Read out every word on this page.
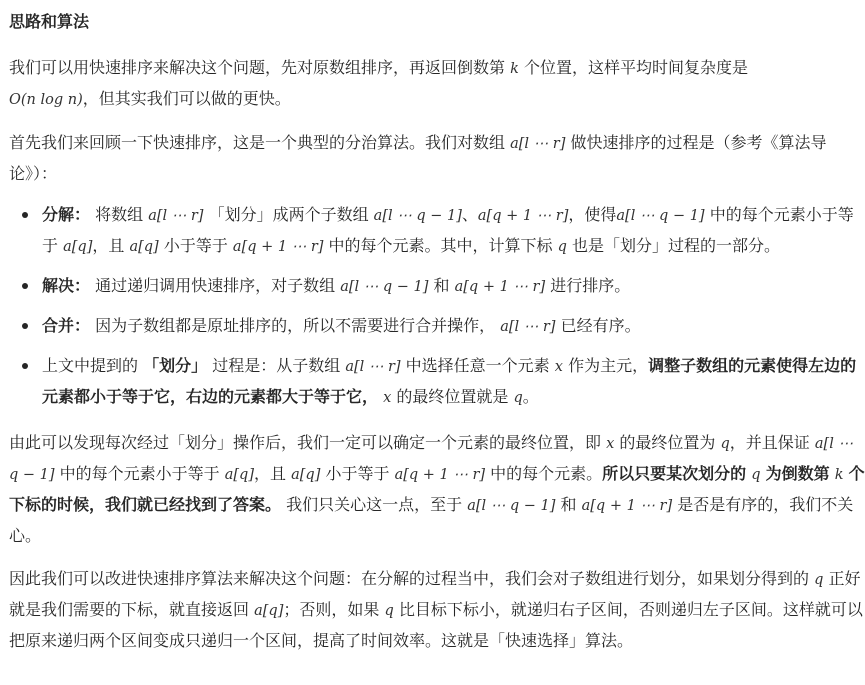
思路和算法

我们可以用快速排序来解决这个问题，先对原数组排序，再返回倒数第 k 个位置，这样平均时间复杂度是
O(n log n)，但其实我们可以做的更快。

首先我们来回顾一下快速排序，这是一个典型的分治算法。我们对数组 a[l ⋯ r] 做快速排序的过程是（参考《算法导论》）：

分解： 将数组 a[l ⋯ r] 「划分」成两个子数组 a[l ⋯ q − 1]、a[q + 1 ⋯ r]，使得a[l ⋯ q − 1] 中的每个元素小于等于 a[q]，且 a[q] 小于等于 a[q + 1 ⋯ r] 中的每个元素。其中，计算下标 q 也是「划分」过程的一部分。
解决： 通过递归调用快速排序，对子数组 a[l ⋯ q − 1] 和 a[q + 1 ⋯ r] 进行排序。
合并： 因为子数组都是原址排序的，所以不需要进行合并操作， a[l ⋯ r] 已经有序。
上文中提到的 「划分」 过程是：从子数组 a[l ⋯ r] 中选择任意一个元素 x 作为主元，调整子数组的元素使得左边的元素都小于等于它，右边的元素都大于等于它， x 的最终位置就是 q。

由此可以发现每次经过「划分」操作后，我们一定可以确定一个元素的最终位置，即 x 的最终位置为 q，并且保证 a[l ⋯ q − 1] 中的每个元素小于等于 a[q]，且 a[q] 小于等于 a[q + 1 ⋯ r] 中的每个元素。所以只要某次划分的 q 为倒数第 k 个下标的时候，我们就已经找到了答案。 我们只关心这一点，至于 a[l ⋯ q − 1] 和 a[q + 1 ⋯ r] 是否是有序的，我们不关心。

因此我们可以改进快速排序算法来解决这个问题：在分解的过程当中，我们会对子数组进行划分，如果划分得到的 q 正好就是我们需要的下标，就直接返回 a[q]；否则，如果 q 比目标下标小，就递归右子区间，否则递归左子区间。这样就可以把原来递归两个区间变成只递归一个区间，提高了时间效率。这就是「快速选择」算法。
